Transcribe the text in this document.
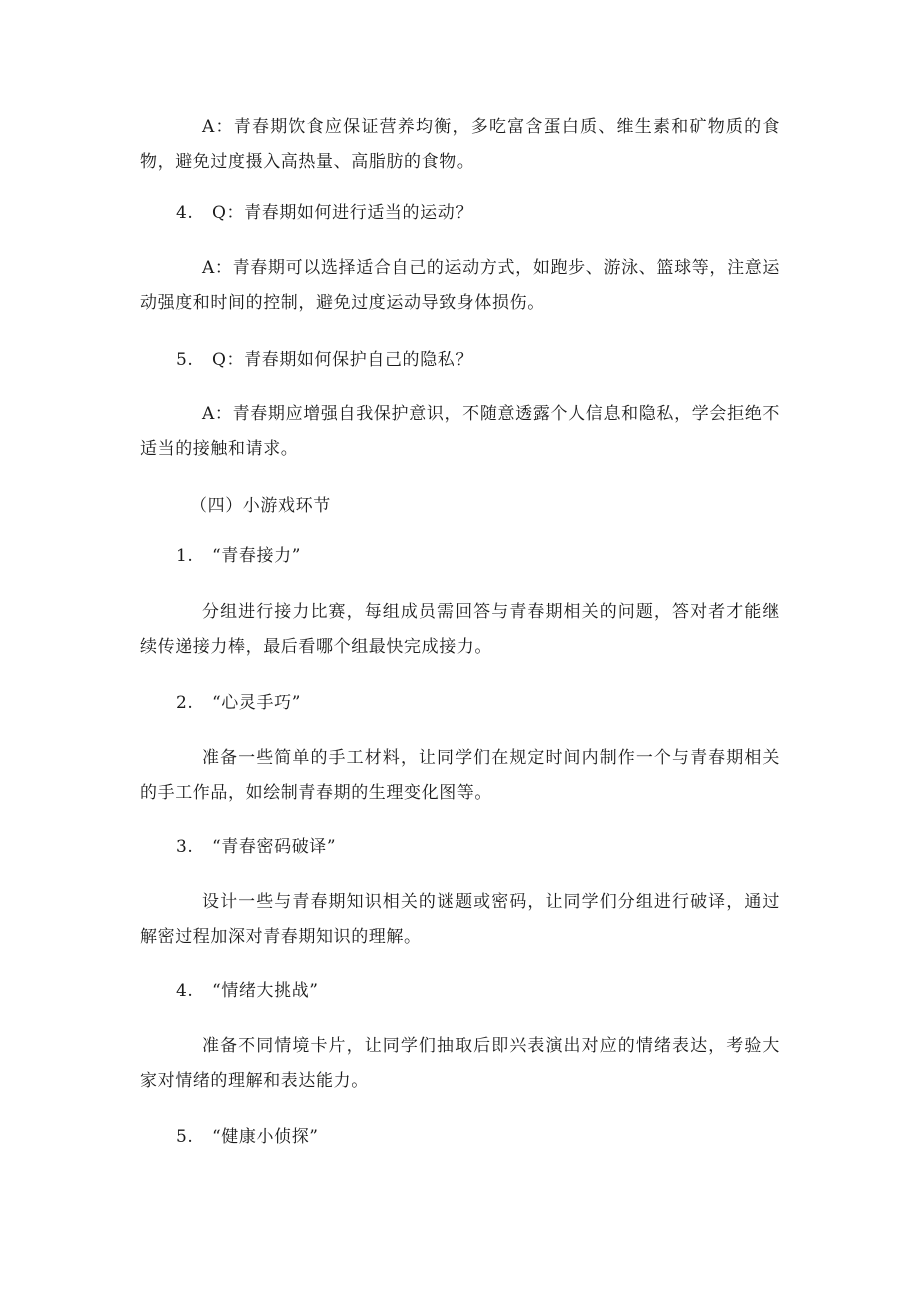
A：青春期饮食应保证营养均衡，多吃富含蛋白质、维生素和矿物质的食物，避免过度摄入高热量、高脂肪的食物。
4. Q：青春期如何进行适当的运动？
A：青春期可以选择适合自己的运动方式，如跑步、游泳、篮球等，注意运动强度和时间的控制，避免过度运动导致身体损伤。
5. Q：青春期如何保护自己的隐私？
A：青春期应增强自我保护意识，不随意透露个人信息和隐私，学会拒绝不适当的接触和请求。
（四）小游戏环节
1. “青春接力”
分组进行接力比赛，每组成员需回答与青春期相关的问题，答对者才能继续传递接力棒，最后看哪个组最快完成接力。
2. “心灵手巧”
准备一些简单的手工材料，让同学们在规定时间内制作一个与青春期相关的手工作品，如绘制青春期的生理变化图等。
3. “青春密码破译”
设计一些与青春期知识相关的谜题或密码，让同学们分组进行破译，通过解密过程加深对青春期知识的理解。
4. “情绪大挑战”
准备不同情境卡片，让同学们抽取后即兴表演出对应的情绪表达，考验大家对情绪的理解和表达能力。
5. “健康小侦探”
